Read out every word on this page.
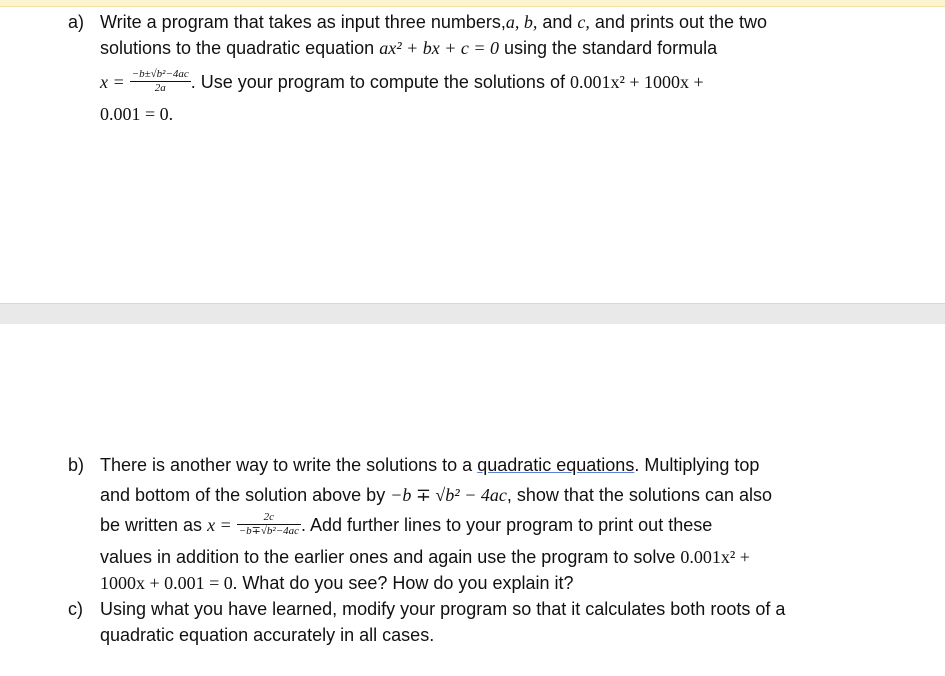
a) Write a program that takes as input three numbers,a, b, and c, and prints out the two
solutions to the quadratic equation ax² + bx + c = 0 using the standard formula
$x = \frac{\text{−b±√b²−4ac}}{2a}$ . Use your program to compute the solutions of 0.001x² + 1000x +
0.001 = 0.
b) There is another way to write the solutions to a quadratic equations. Multiplying top
and bottom of the solution above by −b ∓ √b² − 4ac, show that the solutions can also
be written as $x = \frac{2c}{\text{−b∓√b²−4ac}}$ . Add further lines to your program to print out these
values in addition to the earlier ones and again use the program to solve 0.001x² +
1000x + 0.001 = 0. What do you see? How do you explain it?
c) Using what you have learned, modify your program so that it calculates both roots of a
quadratic equation accurately in all cases.
